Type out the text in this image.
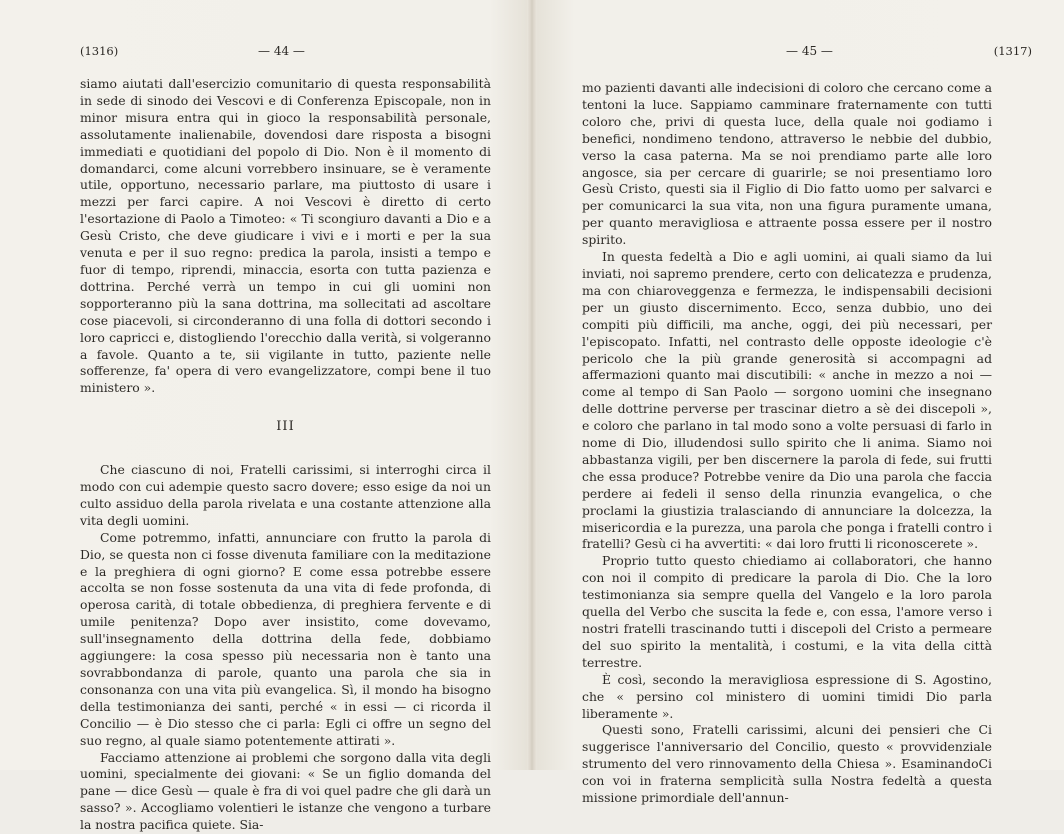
(1316)	— 44 —

siamo aiutati dall'esercizio comunitario di questa responsabilità in sede di sinodo dei Vescovi e di Conferenza Episcopale, non in minor misura entra qui in gioco la responsabilità personale, assolutamente inalienabile, dovendosi dare risposta a bisogni immediati e quotidiani del popolo di Dio. Non è il momento di domandarci, come alcuni vorrebbero insinuare, se è veramente utile, opportuno, necessario parlare, ma piuttosto di usare i mezzi per farci capire. A noi Vescovi è diretto di certo l'esortazione di Paolo a Timoteo: « Ti scongiuro davanti a Dio e a Gesù Cristo, che deve giudicare i vivi e i morti e per la sua venuta e per il suo regno: predica la parola, insisti a tempo e fuor di tempo, riprendi, minaccia, esorta con tutta pazienza e dottrina. Perché verrà un tempo in cui gli uomini non sopporteranno più la sana dottrina, ma sollecitati ad ascoltare cose piacevoli, si circonderanno di una folla di dottori secondo i loro capricci e, distogliendo l'orecchio dalla verità, si volgeranno a favole. Quanto a te, sii vigilante in tutto, paziente nelle sofferenze, fa' opera di vero evangelizzatore, compi bene il tuo ministero ».

III

Che ciascuno di noi, Fratelli carissimi, si interroghi circa il modo con cui adempie questo sacro dovere; esso esige da noi un culto assiduo della parola rivelata e una costante attenzione alla vita degli uomini.

Come potremmo, infatti, annunciare con frutto la parola di Dio, se questa non ci fosse divenuta familiare con la meditazione e la preghiera di ogni giorno? E come essa potrebbe essere accolta se non fosse sostenuta da una vita di fede profonda, di operosa carità, di totale obbedienza, di preghiera fervente e di umile penitenza? Dopo aver insistito, come dovevamo, sull'insegnamento della dottrina della fede, dobbiamo aggiungere: la cosa spesso più necessaria non è tanto una sovrabbondanza di parole, quanto una parola che sia in consonanza con una vita più evangelica. Sì, il mondo ha bisogno della testimonianza dei santi, perché « in essi — ci ricorda il Concilio — è Dio stesso che ci parla: Egli ci offre un segno del suo regno, al quale siamo potentemente attirati ».

Facciamo attenzione ai problemi che sorgono dalla vita degli uomini, specialmente dei giovani: « Se un figlio domanda del pane — dice Gesù — quale è fra di voi quel padre che gli darà un sasso? ». Accogliamo volentieri le istanze che vengono a turbare la nostra pacifica quiete. Sia-

— 45 —	(1317)

mo pazienti davanti alle indecisioni di coloro che cercano come a tentoni la luce. Sappiamo camminare fraternamente con tutti coloro che, privi di questa luce, della quale noi godiamo i benefici, nondimeno tendono, attraverso le nebbie del dubbio, verso la casa paterna. Ma se noi prendiamo parte alle loro angosce, sia per cercare di guarirle; se noi presentiamo loro Gesù Cristo, questi sia il Figlio di Dio fatto uomo per salvarci e per comunicarci la sua vita, non una figura puramente umana, per quanto meravigliosa e attraente possa essere per il nostro spirito.

In questa fedeltà a Dio e agli uomini, ai quali siamo da lui inviati, noi sapremo prendere, certo con delicatezza e prudenza, ma con chiaroveggenza e fermezza, le indispensabili decisioni per un giusto discernimento. Ecco, senza dubbio, uno dei compiti più difficili, ma anche, oggi, dei più necessari, per l'episcopato. Infatti, nel contrasto delle opposte ideologie c'è pericolo che la più grande generosità si accompagni ad affermazioni quanto mai discutibili: « anche in mezzo a noi — come al tempo di San Paolo — sorgono uomini che insegnano delle dottrine perverse per trascinar dietro a sè dei discepoli », e coloro che parlano in tal modo sono a volte persuasi di farlo in nome di Dio, illudendosi sullo spirito che li anima. Siamo noi abbastanza vigili, per ben discernere la parola di fede, sui frutti che essa produce? Potrebbe venire da Dio una parola che faccia perdere ai fedeli il senso della rinunzia evangelica, o che proclami la giustizia tralasciando di annunciare la dolcezza, la misericordia e la purezza, una parola che ponga i fratelli contro i fratelli? Gesù ci ha avvertiti: « dai loro frutti li riconoscerete ».

Proprio tutto questo chiediamo ai collaboratori, che hanno con noi il compito di predicare la parola di Dio. Che la loro testimonianza sia sempre quella del Vangelo e la loro parola quella del Verbo che suscita la fede e, con essa, l'amore verso i nostri fratelli trascinando tutti i discepoli del Cristo a permeare del suo spirito la mentalità, i costumi, e la vita della città terrestre.

È così, secondo la meravigliosa espressione di S. Agostino, che « persino col ministero di uomini timidi Dio parla liberamente ».

Questi sono, Fratelli carissimi, alcuni dei pensieri che Ci suggerisce l'anniversario del Concilio, questo « provvidenziale strumento del vero rinnovamento della Chiesa ». EsaminandoCi con voi in fraterna semplicità sulla Nostra fedeltà a questa missione primordiale dell'annun-
